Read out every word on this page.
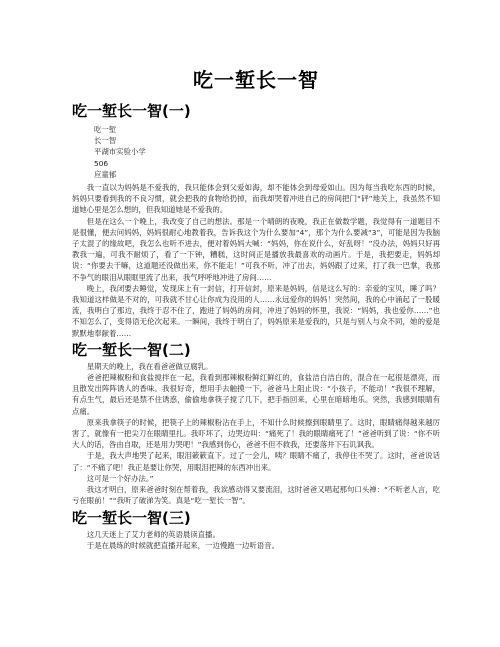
吃一堑长一智
吃一堑长一智(一)
吃一堑
长一智
平湖市实验小学
506
应童郁

我一直以为妈妈是不爱我的，我只能体会到父爱如海，却不能体会到母爱如山。因为每当我吃东西的时候，妈妈只要看到我的不良习惯，就会把我的食物给扔掉，而我却哭着冲进自己的房间把门“砰”地关上，我虽然不知道她心里是怎么想的，但我知道她是不爱我的。

但是在这么一个晚上，我改变了自己的想法。那是一个晴朗的夜晚，我正在做数学题，我觉得有一道题目不是很懂，便去问妈妈，妈妈很耐心地教着我，告诉我这个为什么要加“4”，那个为什么要减“3”，可能是因为我脑子太混了的缘故吧，我怎么也听不进去，便对着妈妈大喊：“妈妈，你在说什么，好乱呀！”没办法，妈妈只好再教我一遍，可我不耐烦了，看了一下钟，糟糕，这时间正是播放我最喜欢的动画片。于是，我把要走，妈妈却说：“你要去干嘛，这道题还没做出来，你不能走！”可我不听，冲了出去，妈妈跟了过来，打了我一巴掌，我那不争气的眼泪从眼眶里流了出来，我气呼呼地冲进了房间……

晚上，我闭要去睡觉，发现床上有一封信，打开信封，原来是妈妈，信是这么写的：亲爱的宝贝，睡了吗？我知道这样做是不对的，可我就不甘心让你成为没用的人……永远爱你的妈妈！突然间，我的心中涌起了一股暖流，我明白了那边，我终于忍不住了，跑进了妈妈的房间，冲进了妈妈的怀里，我说：“妈妈，我也爱你……”也不知怎么了，变得语无伦次起来。一瞬间，我终于明白了，妈妈原来是爱我的，只是与别人与众不同，她的爱是默默地奉献着……

吃一堑长一智(二)

星期天的晚上，我在看爸爸做豆腐乳。

爸爸把辣椒粉和食盐搅拌在一起，我看到那辣椒粉鲜红鲜红的，食盐洁白洁白的，混合在一起很是漂亮，而且散发出阵阵诱人的香味。我很好奇，想用手去触摸一下，爸爸马上阻止说：“小孩子，不能动！”我很不理解，有点生气，最后还是禁不住诱惑，偷偷地拿筷子搅了几下，把手指回来，心里在暗暗地乐。突然，我感到眼睛有点痛。

原来我拿筷子的时候，把筷子上的辣椒粉沾在手上，不知什么时候擦到眼睛里了。这时，眼睛痛得越来越厉害了，就像有一把尖刀在眼睛里扎。我吓坏了，边哭边叫：“痛死了！我的眼睛痛死了！”爸爸听到了说：“你不听大人的话，咎由自取，还是用力哭吧！”我感到伤心，爸爸不但不救我，还要落井下石讥讽我。

于是，我大声地哭了起来，眼泪簌簌直下。过了一会儿，咦？眼睛不痛了，我停住不哭了。这时，爸爸说话了：“不痛了吧！我正是要让你哭，用眼泪把辣的东西冲出来。

这可是一个好办法。”

我这才明白，原来爸爸时刻在帮着我，我诶感动得又要流泪，这时爸爸又唱起那句口头禅：“不听老人言，吃亏在眼前！”“我听了破涕为笑。真是“吃一堑长一智”。

吃一堑长一智(三)

这几天迷上了艾力老师的英语晨读直播。

于是在晨练的时候就把直播开起来，一边慢跑一边听语音。
